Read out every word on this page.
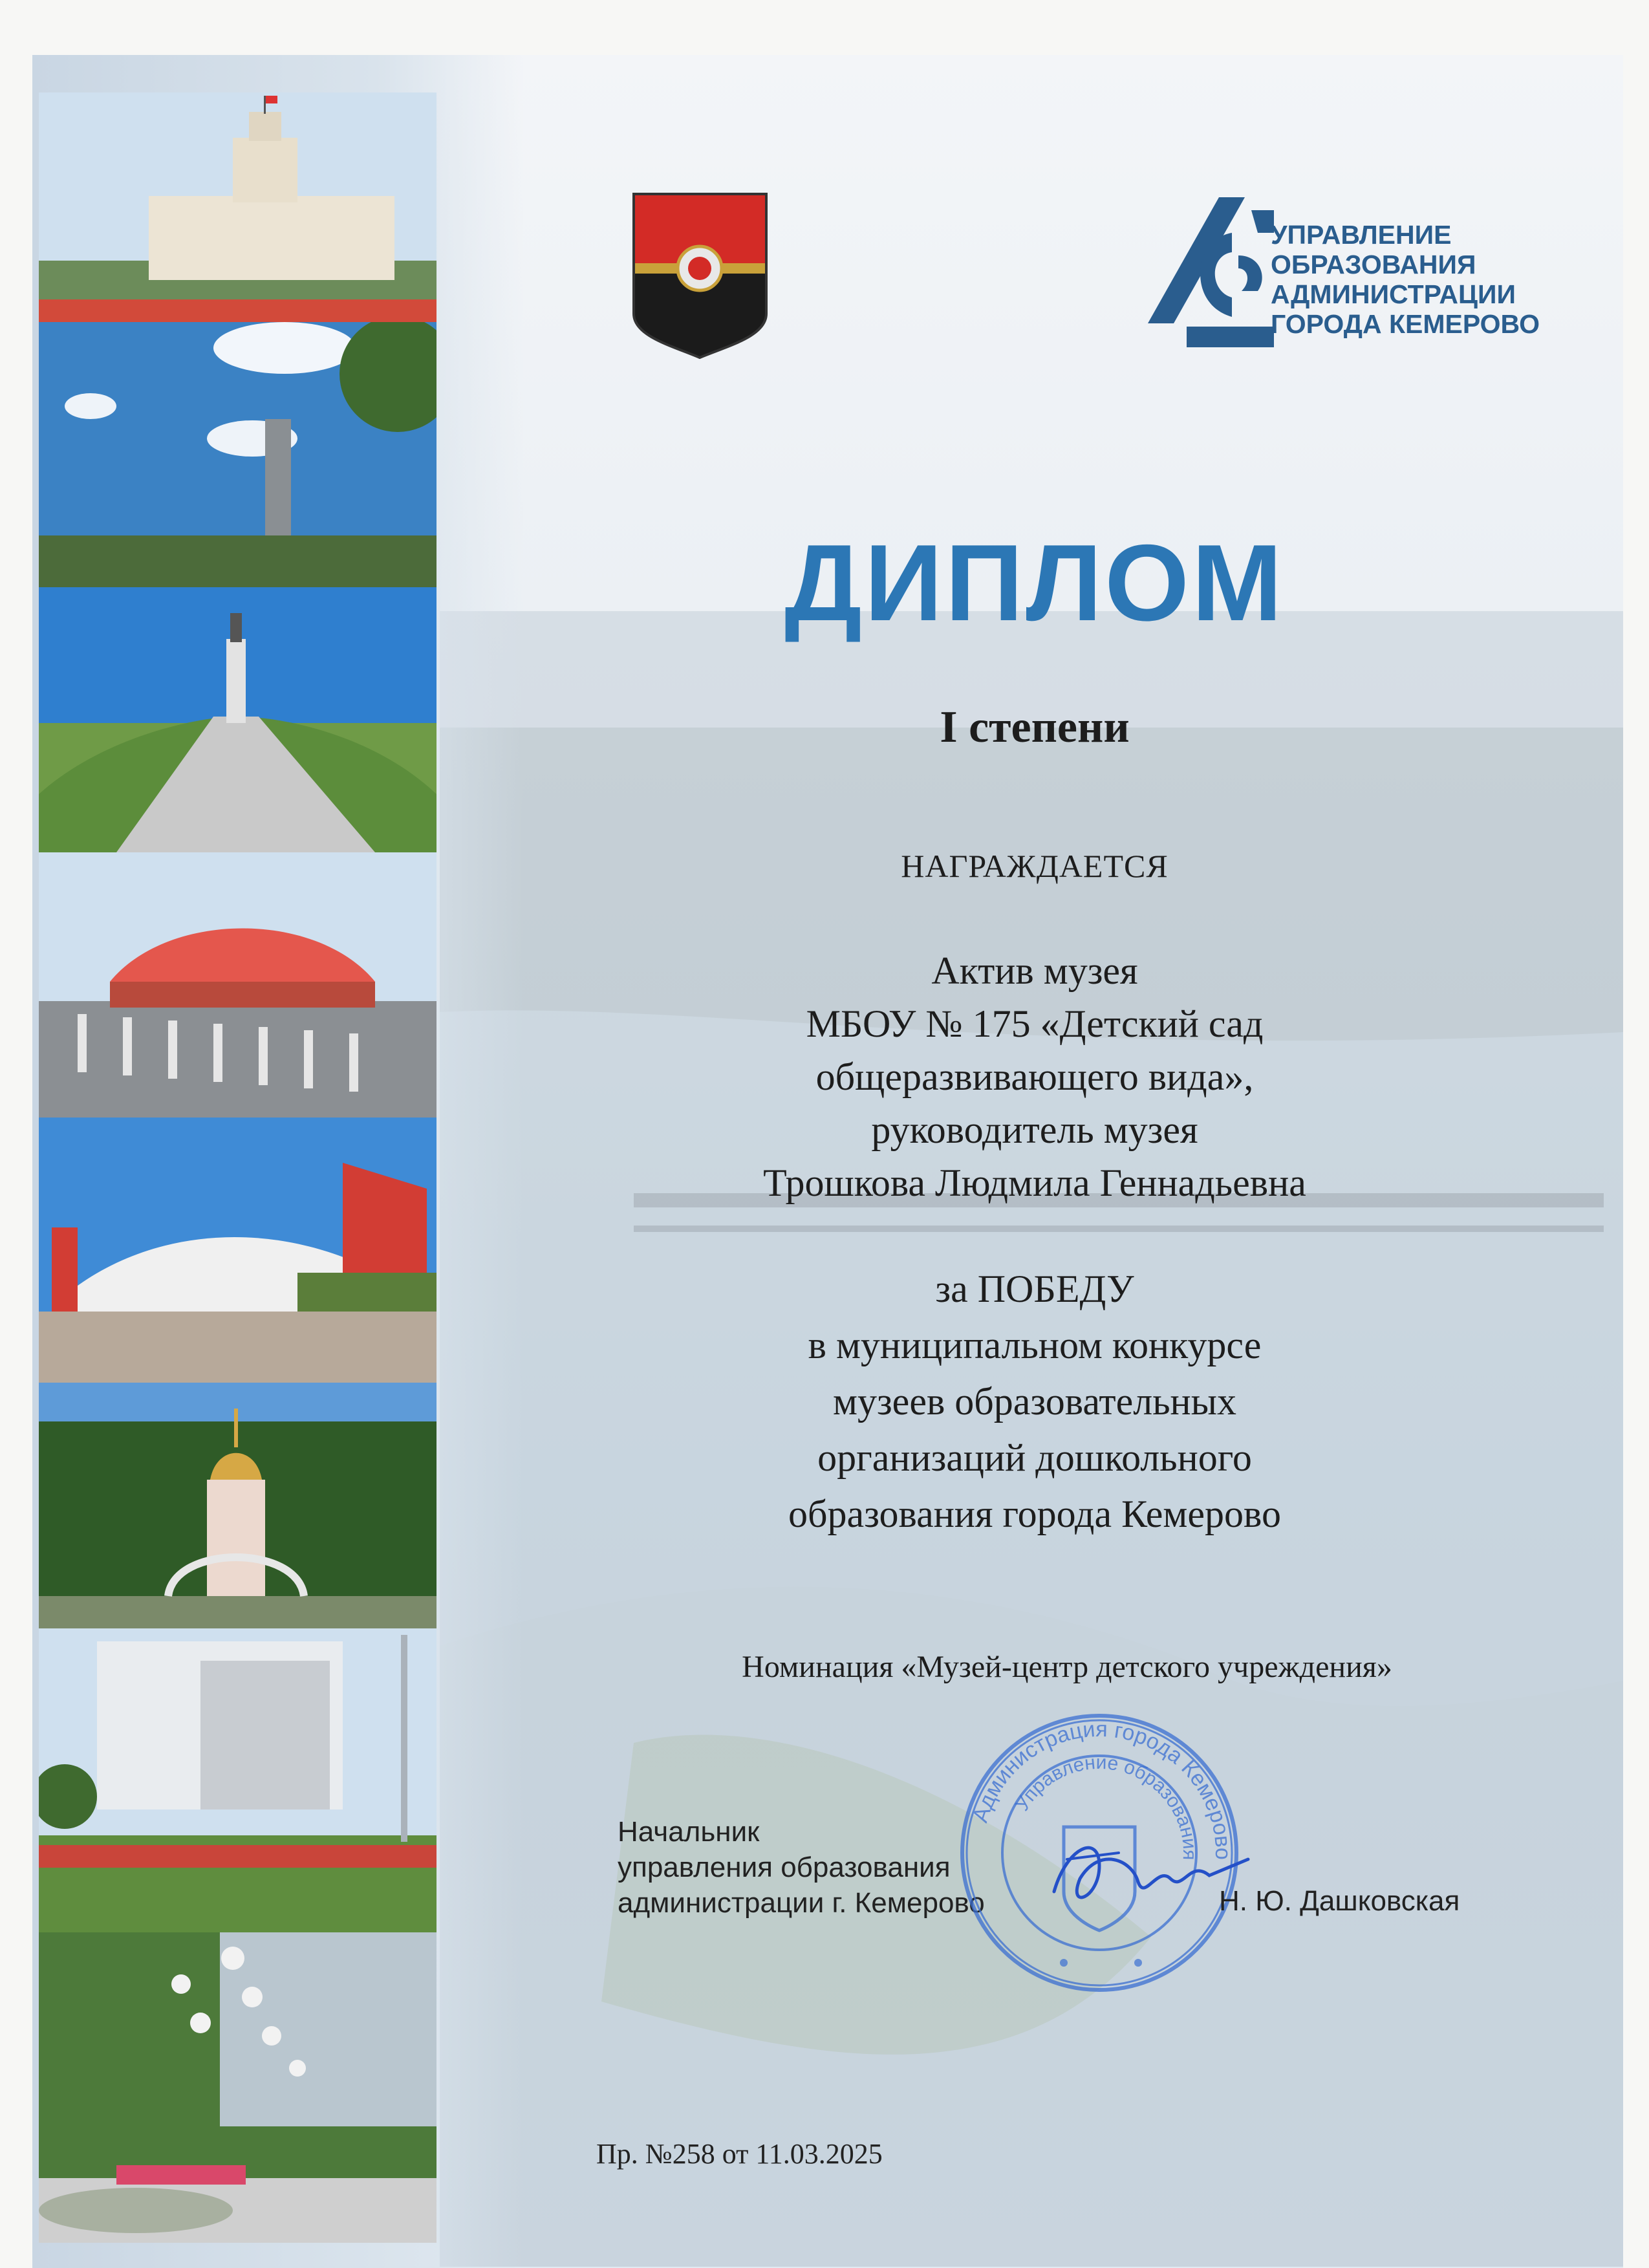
УПРАВЛЕНИЕ
ОБРАЗОВАНИЯ
АДМИНИСТРАЦИИ
ГОРОДА КЕМЕРОВО
ДИПЛОМ
I степени
НАГРАЖДАЕТСЯ
Актив музея
МБОУ № 175 «Детский сад
общеразвивающего вида»,
руководитель музея
Трошкова Людмила Геннадьевна
за ПОБЕДУ
в муниципальном конкурсе
музеев образовательных
организаций дошкольного
образования города Кемерово
Номинация «Музей-центр детского учреждения»
Начальник
управления образования
администрации г. Кемерово
Администрация города Кемерово
Управление образования
Н. Ю. Дашковская
Пр. №258 от 11.03.2025
